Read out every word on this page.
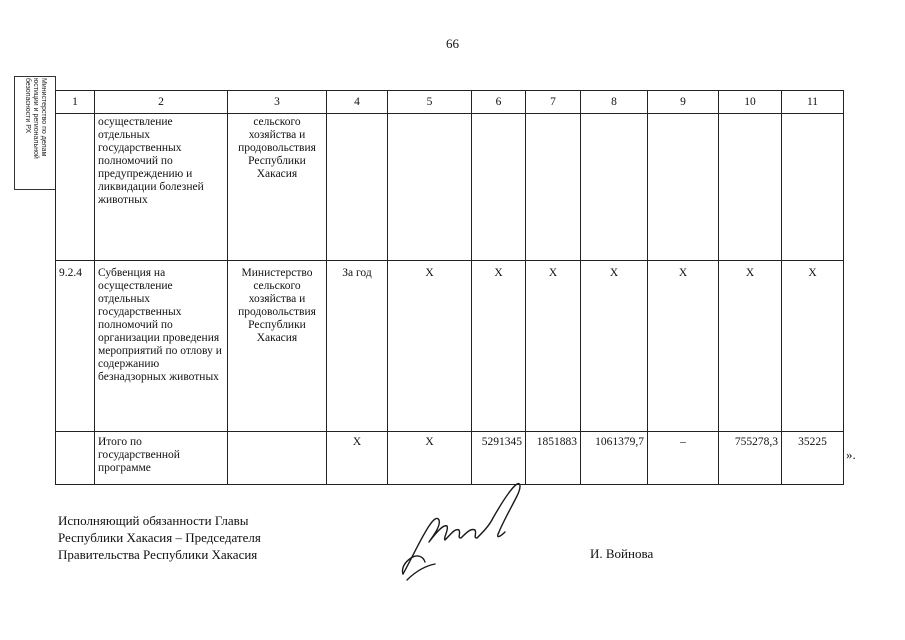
66
Министерство по делам
юстиции и региональной
безопасности РХ	1	2	3	4	5	6	7	8	9	10	11
	осуществление отдельных государственных полномочий по предупреждению и ликвидации болезней животных	сельского хозяйства и продовольствия Республики Хакасия								
9.2.4	Субвенция на осуществление отдельных государственных полномочий по организации проведения мероприятий по отлову и содержанию безнадзорных животных	Министерство сельского хозяйства и продовольствия Республики Хакасия	За год	Х	Х	Х	Х	Х	Х	Х
	Итого по государственной программе		Х	Х	5291345	1851883	1061379,7	–	755278,3	35225
».
Исполняющий обязанности Главы
Республики Хакасия – Председателя
Правительства Республики Хакасия	И. Войнова
